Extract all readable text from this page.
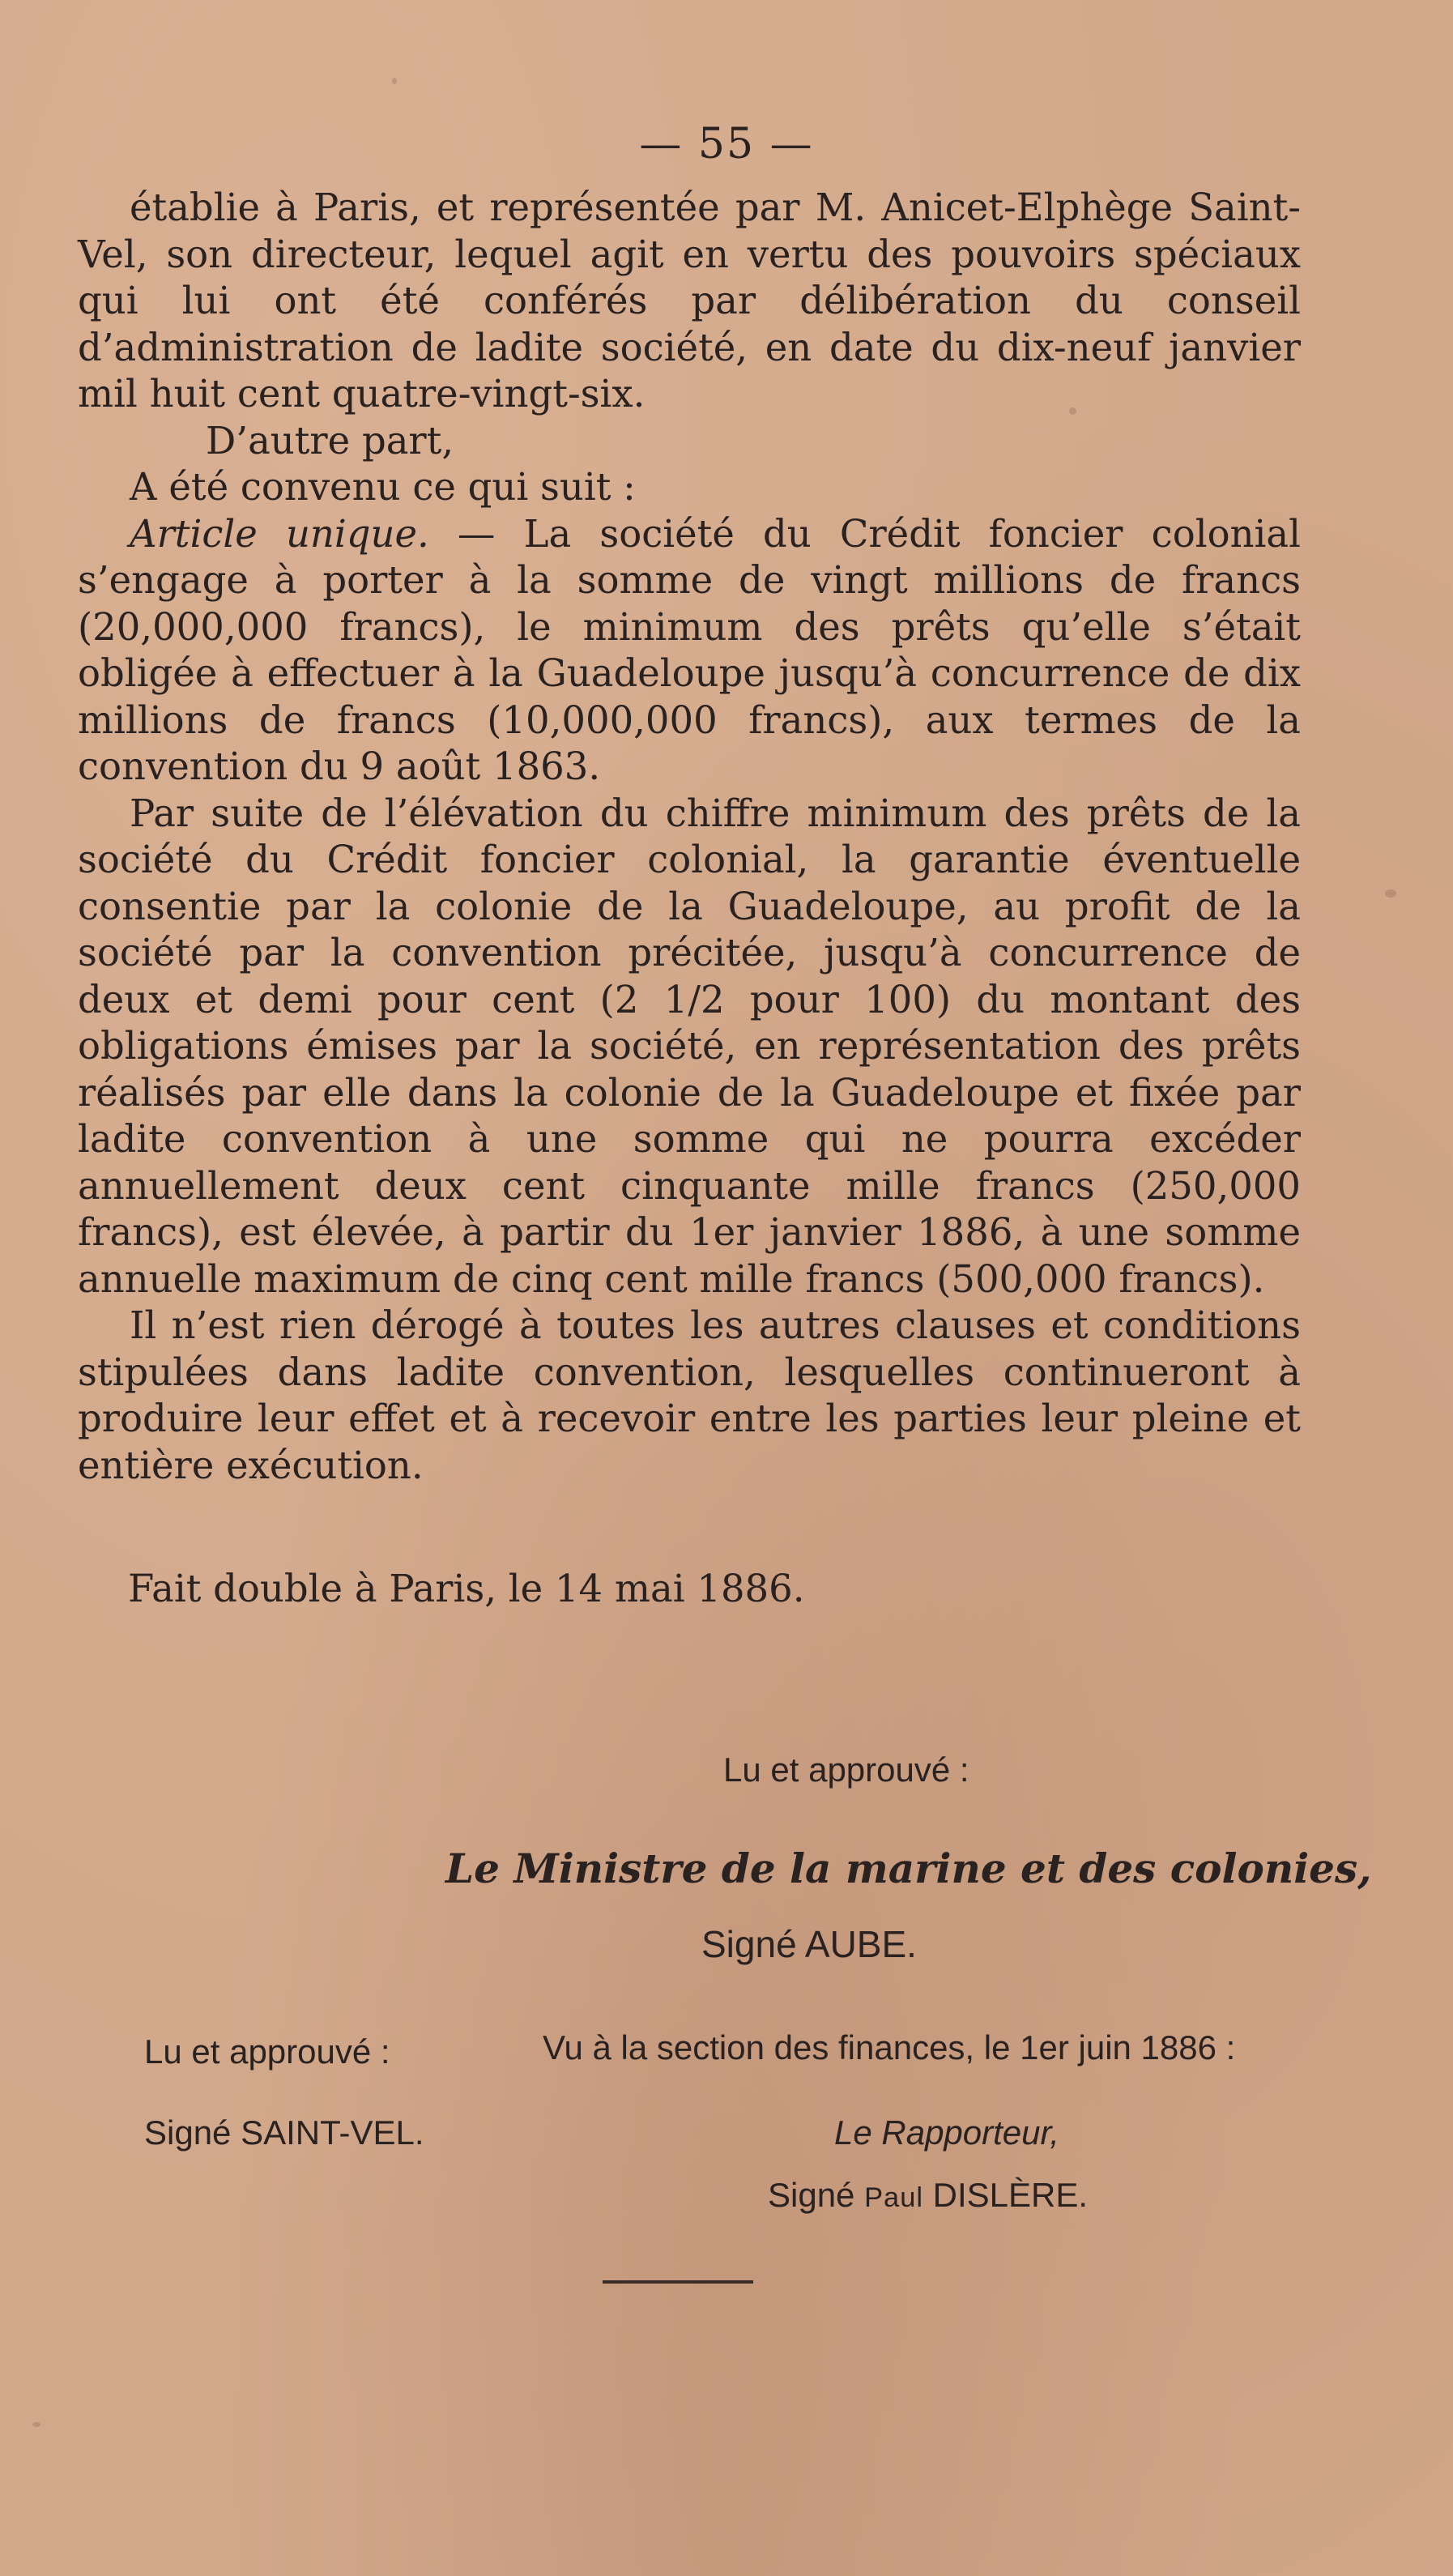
— 55 —

établie à Paris, et représentée par M. Anicet-Elphège Saint-Vel, son directeur, lequel agit en vertu des pouvoirs spéciaux qui lui ont été conférés par délibération du conseil d’administration de ladite société, en date du dix-neuf janvier mil huit cent quatre-vingt-six.

D’autre part,

A été convenu ce qui suit :

Article unique. — La société du Crédit foncier colonial s’engage à porter à la somme de vingt millions de francs (20,000,000 francs), le minimum des prêts qu’elle s’était obligée à effectuer à la Guadeloupe jusqu’à concurrence de dix millions de francs (10,000,000 francs), aux termes de la convention du 9 août 1863.

Par suite de l’élévation du chiffre minimum des prêts de la société du Crédit foncier colonial, la garantie éventuelle consentie par la colonie de la Guadeloupe, au profit de la société par la convention précitée, jusqu’à concurrence de deux et demi pour cent (2 1/2 pour 100) du montant des obligations émises par la société, en représentation des prêts réalisés par elle dans la colonie de la Guadeloupe et fixée par ladite convention à une somme qui ne pourra excéder annuellement deux cent cinquante mille francs (250,000 francs), est élevée, à partir du 1er janvier 1886, à une somme annuelle maximum de cinq cent mille francs (500,000 francs).

Il n’est rien dérogé à toutes les autres clauses et conditions stipulées dans ladite convention, lesquelles continueront à produire leur effet et à recevoir entre les parties leur pleine et entière exécution.

Fait double à Paris, le 14 mai 1886.
Lu et approuvé :
Le Ministre de la marine et des colonies,
Signé AUBE.
Lu et approuvé :	Vu à la section des finances, le 1er juin 1886 :
Signé SAINT-VEL.	Le Rapporteur,
Signé Paul DISLÈRE.
